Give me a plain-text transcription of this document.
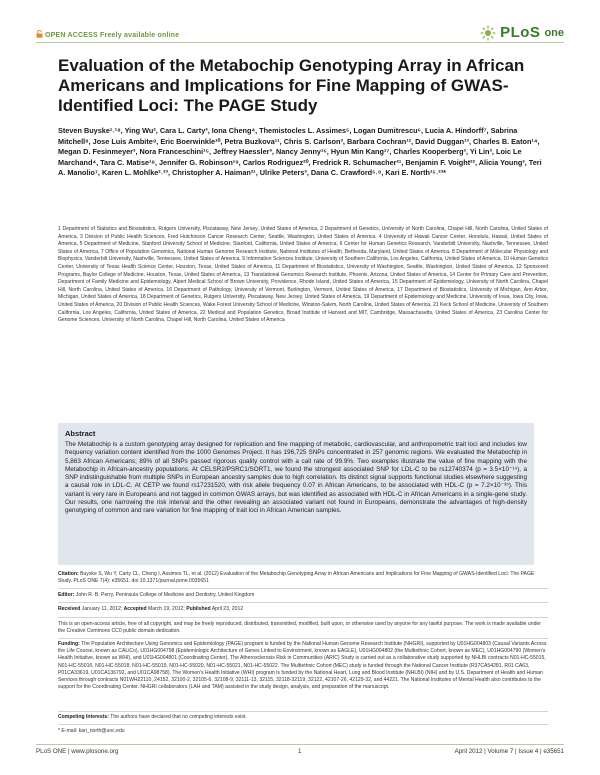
OPEN ACCESS Freely available online	PLoS one
Evaluation of the Metabochip Genotyping Array in African Americans and Implications for Fine Mapping of GWAS-Identified Loci: The PAGE Study
Steven Buyske¹˒¹⁸, Ying Wu², Cara L. Carty³, Iona Cheng⁴, Themistocles L. Assimes⁵, Logan Dumitrescu⁶, Lucia A. Hindorff⁷, Sabrina Mitchell⁸, Jose Luis Ambite⁹, Eric Boerwinkle¹⁰, Petra Buzkova¹¹, Chris S. Carlson³, Barbara Cochran¹², David Duggan¹³, Charles B. Eaton¹⁴, Megan D. Fesinmeyer³, Nora Franceschini¹⁵, Jeffrey Haessler³, Nancy Jenny¹⁶, Hyun Min Kang¹⁷, Charles Kooperberg³, Yi Lin³, Loic Le Marchand⁴, Tara C. Matise¹⁸, Jennifer G. Robinson¹⁹, Carlos Rodriguez²⁰, Fredrick R. Schumacher²¹, Benjamin F. Voight²², Alicia Young³, Teri A. Manolio⁷, Karen L. Mohlke²˒²³, Christopher A. Haiman²¹, Ulrike Peters³, Dana C. Crawford⁶˒⁸, Kari E. North¹⁵˒²³*
1 Department of Statistics and Biostatistics, Rutgers University, Piscataway, New Jersey, United States of America, 2 Department of Genetics, University of North Carolina, Chapel Hill, North Carolina, United States of America, 3 Division of Public Health Sciences, Fred Hutchinson Cancer Research Center, Seattle, Washington, United States of America, 4 University of Hawaii Cancer Center, Honolulu, Hawaii, United States of America, 5 Department of Medicine, Stanford University School of Medicine, Stanford, California, United States of America, 6 Center for Human Genetics Research, Vanderbilt University, Nashville, Tennessee, United States of America, 7 Office of Population Genomics, National Human Genome Research Institute, National Institutes of Health, Bethesda, Maryland, United States of America, 8 Department of Molecular Physiology and Biophysics, Vanderbilt University, Nashville, Tennessee, United States of America, 9 Information Sciences Institute, University of Southern California, Los Angeles, California, United States of America, 10 Human Genetics Center, University of Texas Health Science Center, Houston, Texas, United States of America, 11 Department of Biostatistics, University of Washington, Seattle, Washington, United States of America, 12 Sponsored Programs, Baylor College of Medicine, Houston, Texas, United States of America, 13 Translational Genomics Research Institute, Phoenix, Arizona, United States of America, 14 Center for Primary Care and Prevention, Department of Family Medicine and Epidemiology, Alpert Medical School of Brown University, Providence, Rhode Island, United States of America, 15 Department of Epidemiology, University of North Carolina, Chapel Hill, North Carolina, United States of America, 16 Department of Pathology, University of Vermont, Burlington, Vermont, United States of America, 17 Department of Biostatistics, University of Michigan, Ann Arbor, Michigan, United States of America, 18 Department of Genetics, Rutgers University, Piscataway, New Jersey, United States of America, 19 Department of Epidemiology and Medicine, University of Iowa, Iowa City, Iowa, United States of America, 20 Division of Public Health Sciences, Wake Forest University School of Medicine, Winston-Salem, North Carolina, United States of America, 21 Keck School of Medicine, University of Southern California, Los Angeles, California, United States of America, 22 Medical and Population Genetics, Broad Institute of Harvard and MIT, Cambridge, Massachusetts, United States of America, 23 Carolina Center for Genome Sciences, University of North Carolina, Chapel Hill, North Carolina, United States of America
Abstract

The Metabochip is a custom genotyping array designed for replication and fine mapping of metabolic, cardiovascular, and anthropometric trait loci and includes low frequency variation content identified from the 1000 Genomes Project. It has 196,725 SNPs concentrated in 257 genomic regions. We evaluated the Metabochip in 5,863 African Americans; 89% of all SNPs passed rigorous quality control with a call rate of 99.9%. Two examples illustrate the value of fine mapping with the Metabochip in African-ancestry populations. At CELSR2/PSRC1/SORT1, we found the strongest associated SNP for LDL-C to be rs12740374 (p = 3.5×10⁻¹⁴), a SNP indistinguishable from multiple SNPs in European ancestry samples due to high correlation. Its distinct signal supports functional studies elsewhere suggesting a causal role in LDL-C. At CETP we found rs17231520, with risk allele frequency 0.07 in African Americans, to be associated with HDL-C (p = 7.2×10⁻³⁵). This variant is very rare in Europeans and not tagged in common GWAS arrays, but was identified as associated with HDL-C in African Americans in a single-gene study. Our results, one narrowing the risk interval and the other revealing an associated variant not found in Europeans, demonstrate the advantages of high-density genotyping of common and rare variation for fine mapping of trait loci in African American samples.

Citation: Buyske S, Wu Y, Carty CL, Cheng I, Assimes TL, et al. (2012) Evaluation of the Metabochip Genotyping Array in African Americans and Implications for Fine Mapping of GWAS-Identified Loci: The PAGE Study. PLoS ONE 7(4): e35651. doi:10.1371/journal.pone.0035651
Editor: John R. B. Perry, Peninsula College of Medicine and Dentistry, United Kingdom
Received January 11, 2012; Accepted March 19, 2012; Published April 23, 2012
This is an open-access article, free of all copyright, and may be freely reproduced, distributed, transmitted, modified, built upon, or otherwise used by anyone for any lawful purpose. The work is made available under the Creative Commons CC0 public domain dedication.
Funding: The Population Architecture Using Genomics and Epidemiology (PAGE) program is funded by the National Human Genome Research Institute (NHGRI), supported by U01HG004803 (Causal Variants Across the Life Course, known as CALiCo), U01HG004798 (Epidemiologic Architecture of Genes Linked to Environment, known as EAGLE), U01HG004802 (the Multiethnic Cohort, known as MEC), U01HG004790 (Women's Health Initiative, known as WHI), and U01HG004801 (Coordinating Center). The Atherosclerosis Risk in Communities (ARIC) Study is carried out as a collaborative study supported by NHLBI contracts N01-HC-55015, N01-HC-55016, N01-HC-55018, N01-HC-55019, N01-HC-55020, N01-HC-55021, N01-HC-55022. The Multiethnic Cohort (MEC) study is funded through the National Cancer Institute (R37CA54281, R01 CA63, P01CA33619, U01CA136792, and U01CA98758). The Women's Health Initiative (WHI) program is funded by the National Heart, Lung and Blood Institute (NHLBI) (NIH) and by U.S. Department of Health and Human Services through contracts N01WH22110, 24152, 32100-2, 32105-6, 32108-9, 32111-13, 32115, 32118-32119, 32122, 42107-26, 42129-32, and 44221. The National Institutes of Mental Health also contributes to the support for the Coordinating Center. NHGRI collaborators (LAH and TAM) assisted in the study design, analysis, and preparation of the manuscript.
Competing Interests: The authors have declared that no competing interests exist.
* E-mail: kari_north@unc.edu
PLoS ONE | www.plosone.org	1	April 2012 | Volume 7 | Issue 4 | e35651
